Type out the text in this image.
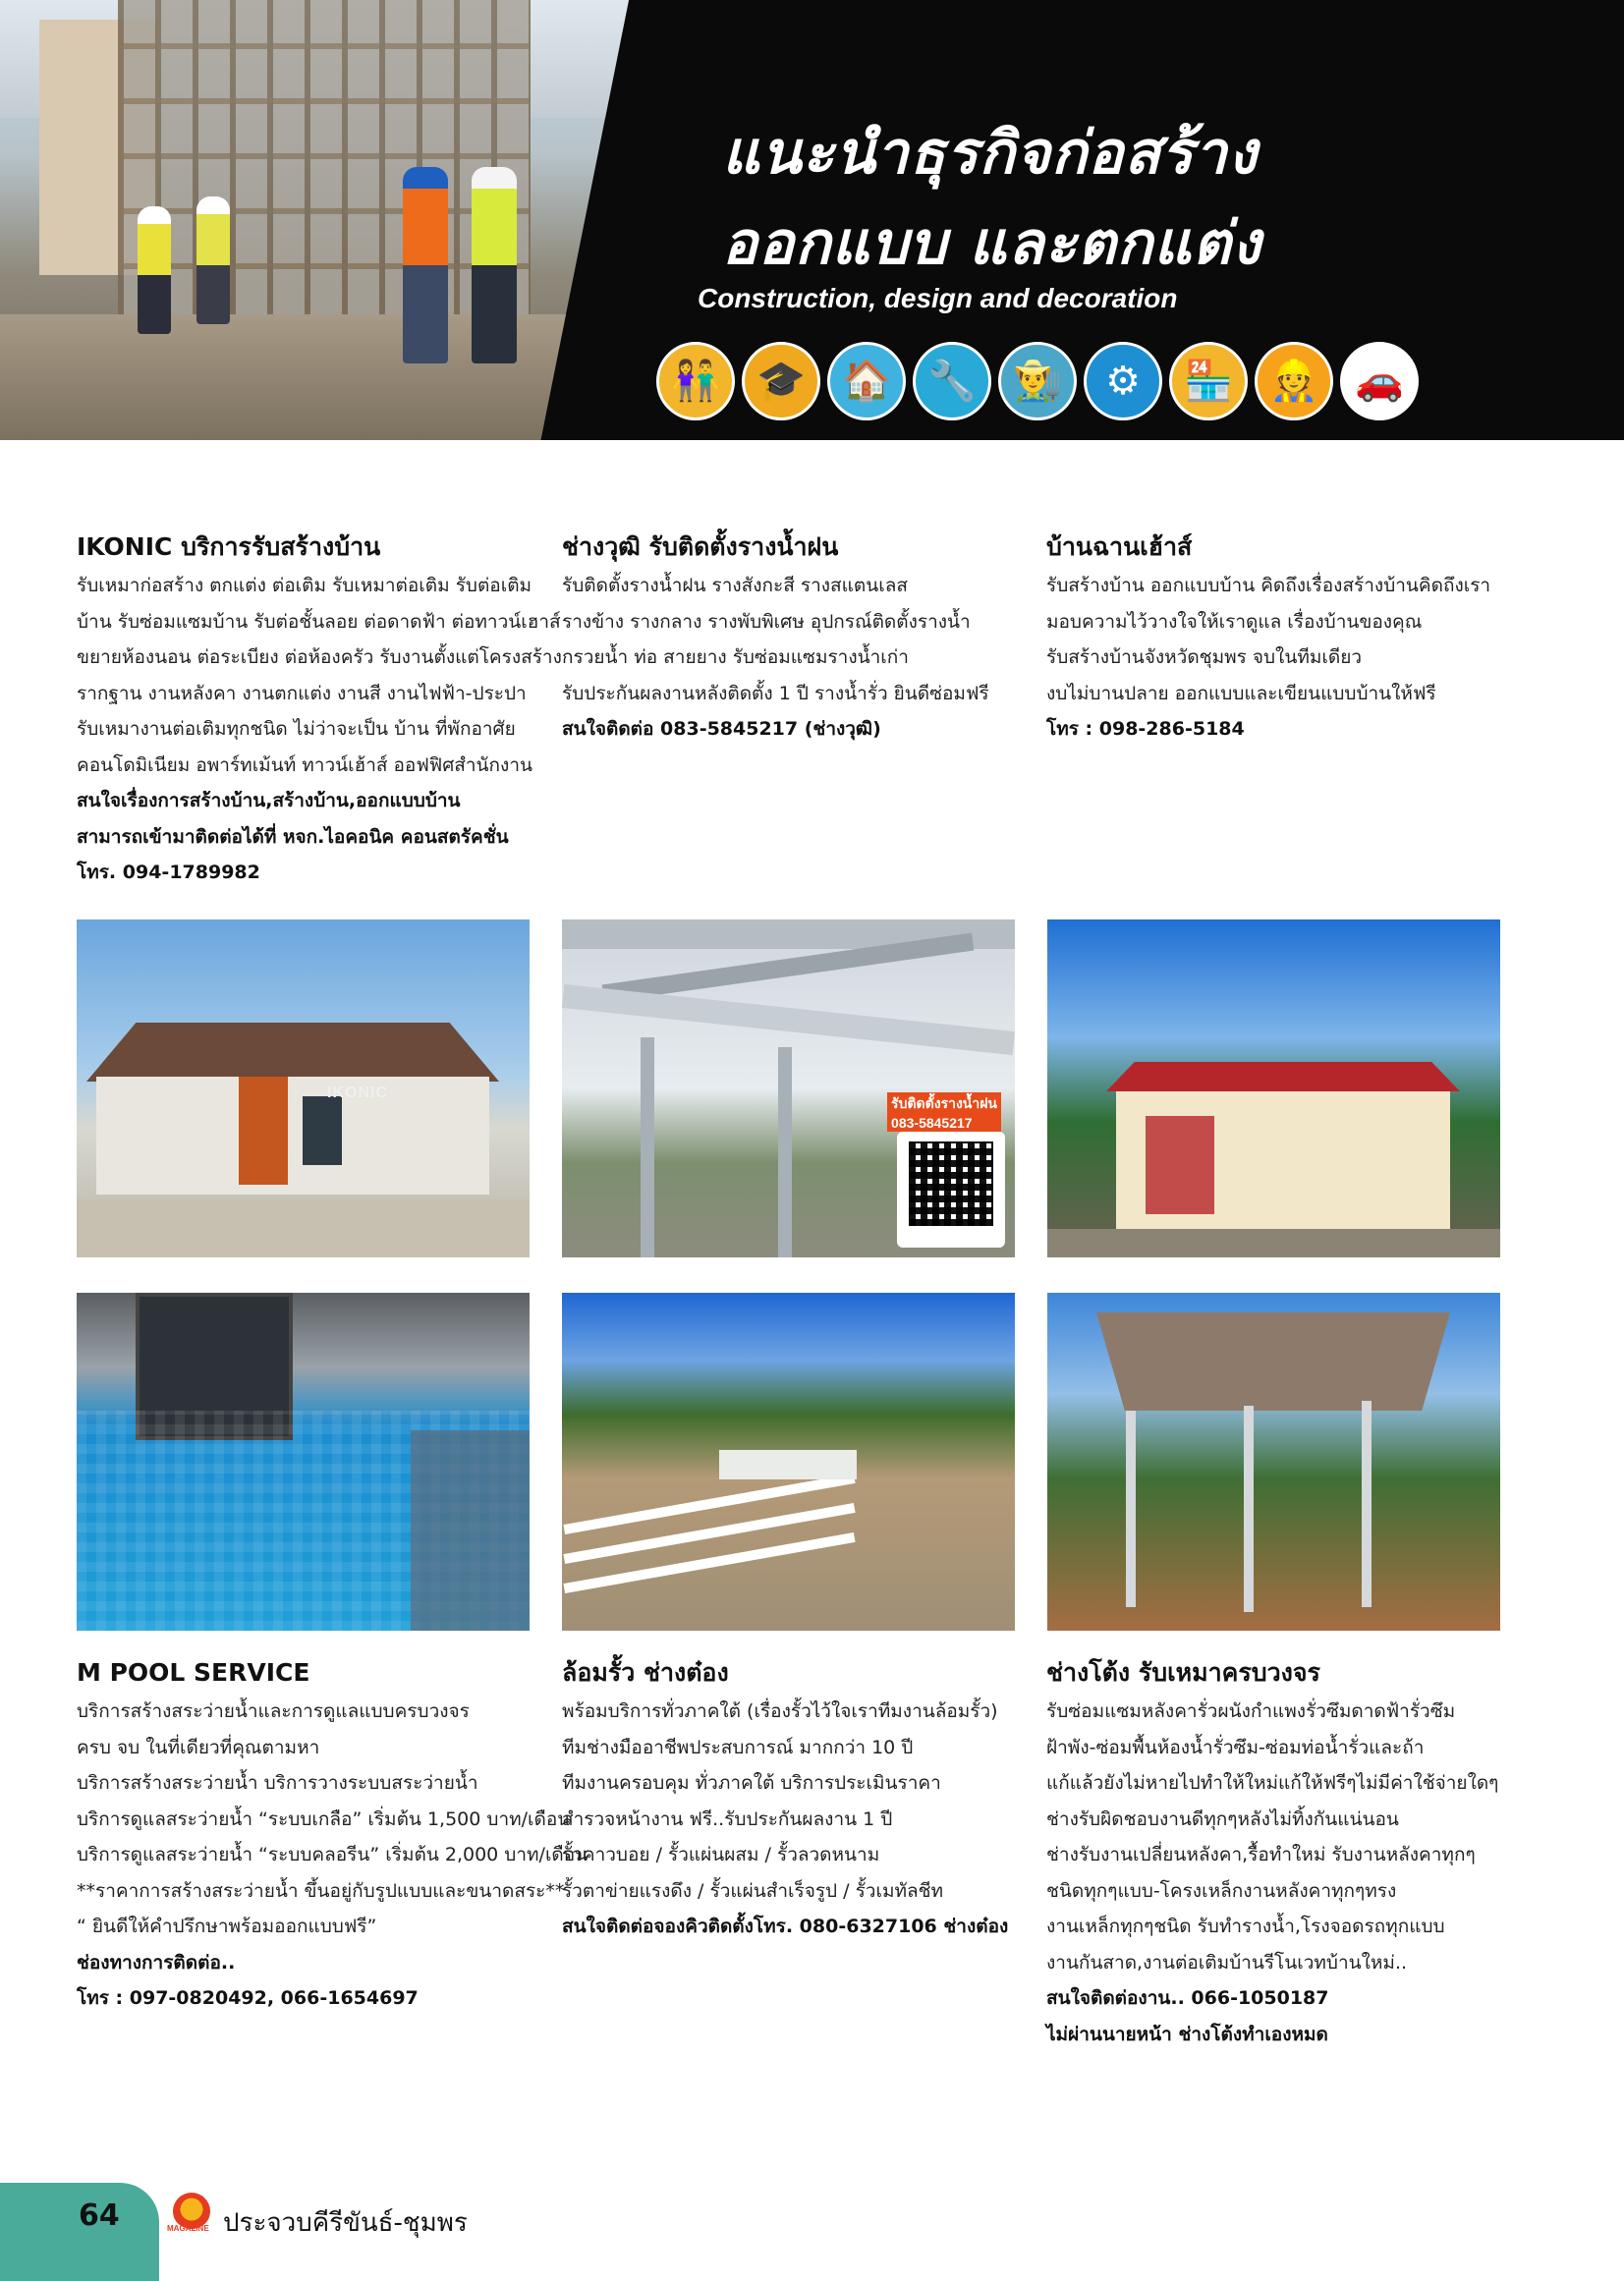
แนะนำธุรกิจก่อสร้าง
ออกแบบ และตกแต่ง
Construction, design and decoration
👫 🎓 🏠 🔧 👨‍🌾	⚙	🏪 👷 🚗
IKONIC บริการรับสร้างบ้าน
รับเหมาก่อสร้าง ตกแต่ง ต่อเติม รับเหมาต่อเติม รับต่อเติม
บ้าน รับซ่อมแซมบ้าน รับต่อชั้นลอย ต่อดาดฟ้า ต่อทาวน์เฮาส์
ขยายห้องนอน ต่อระเบียง ต่อห้องครัว รับงานตั้งแต่โครงสร้าง
รากฐาน งานหลังคา งานตกแต่ง งานสี งานไฟฟ้า-ประปา
รับเหมางานต่อเติมทุกชนิด ไม่ว่าจะเป็น บ้าน ที่พักอาศัย
คอนโดมิเนียม อพาร์ทเม้นท์ ทาวน์เฮ้าส์ ออฟฟิศสำนักงาน
สนใจเรื่องการสร้างบ้าน,สร้างบ้าน,ออกแบบบ้าน
สามารถเข้ามาติดต่อได้ที่ หจก.ไอคอนิค คอนสตรัคชั่น
โทร. 094-1789982
ช่างวุฒิ รับติดตั้งรางน้ำฝน
รับติดตั้งรางน้ำฝน รางสังกะสี รางสแตนเลส
รางข้าง รางกลาง รางพับพิเศษ อุปกรณ์ติดตั้งรางน้ำ
กรวยน้ำ ท่อ สายยาง รับซ่อมแซมรางน้ำเก่า
รับประกันผลงานหลังติดตั้ง 1 ปี รางน้ำรั่ว ยินดีซ่อมฟรี
สนใจติดต่อ 083-5845217 (ช่างวุฒิ)
บ้านฉานเฮ้าส์
รับสร้างบ้าน ออกแบบบ้าน คิดถึงเรื่องสร้างบ้านคิดถึงเรา
มอบความไว้วางใจให้เราดูแล เรื่องบ้านของคุณ
รับสร้างบ้านจังหวัดชุมพร จบในทีมเดียว
งบไม่บานปลาย ออกแบบและเขียนแบบบ้านให้ฟรี
โทร : 098-286-5184
IKONIC
รับติดตั้งรางน้ำฝน
083-5845217
M POOL SERVICE
บริการสร้างสระว่ายน้ำและการดูแลแบบครบวงจร
ครบ จบ ในที่เดียวที่คุณตามหา
บริการสร้างสระว่ายน้ำ บริการวางระบบสระว่ายน้ำ
บริการดูแลสระว่ายน้ำ “ระบบเกลือ” เริ่มต้น 1,500 บาท/เดือน
บริการดูแลสระว่ายน้ำ “ระบบคลอรีน” เริ่มต้น 2,000 บาท/เดือน
**ราคาการสร้างสระว่ายน้ำ ขึ้นอยู่กับรูปแบบและขนาดสระ**
“ ยินดีให้คำปรึกษาพร้อมออกแบบฟรี”
ช่องทางการติดต่อ..
โทร : 097-0820492, 066-1654697
ล้อมรั้ว ช่างต๋อง
พร้อมบริการทั่วภาคใต้ (เรื่องรั้วไว้ใจเราทีมงานล้อมรั้ว)
ทีมช่างมืออาชีพประสบการณ์ มากกว่า 10 ปี
ทีมงานครอบคุม ทั่วภาคใต้ บริการประเมินราคา
สำรวจหน้างาน ฟรี..รับประกันผลงาน 1 ปี
รั้วคาวบอย / รั้วแผ่นผสม / รั้วลวดหนาม
รั้วตาข่ายแรงดึง / รั้วแผ่นสำเร็จรูป / รั้วเมทัลชีท
สนใจติดต่อจองคิวติดตั้งโทร. 080-6327106 ช่างต๋อง
ช่างโต้ง รับเหมาครบวงจร
รับซ่อมแซมหลังคารั่วผนังกำแพงรั่วซึมดาดฟ้ารั่วซึม
ฝ้าพัง-ซ่อมพื้นห้องน้ำรั่วซึม-ซ่อมท่อน้ำรั่วและถ้า
แก้แล้วยังไม่หายไปทำให้ใหม่แก้ให้ฟรีๆไม่มีค่าใช้จ่ายใดๆ
ช่างรับผิดชอบงานดีทุกๆหลังไม่ทิ้งกันแน่นอน
ช่างรับงานเปลี่ยนหลังคา,รื้อทำใหม่ รับงานหลังคาทุกๆ
ชนิดทุกๆแบบ-โครงเหล็กงานหลังคาทุกๆทรง
งานเหล็กทุกๆชนิด รับทำรางน้ำ,โรงจอดรถทุกแบบ
งานกันสาด,งานต่อเติมบ้านรีโนเวทบ้านใหม่..
สนใจติดต่องาน.. 066-1050187
ไม่ผ่านนายหน้า ช่างโต้งทำเองหมด
64	MAGAZINE ประจวบคีรีขันธ์-ชุมพร
